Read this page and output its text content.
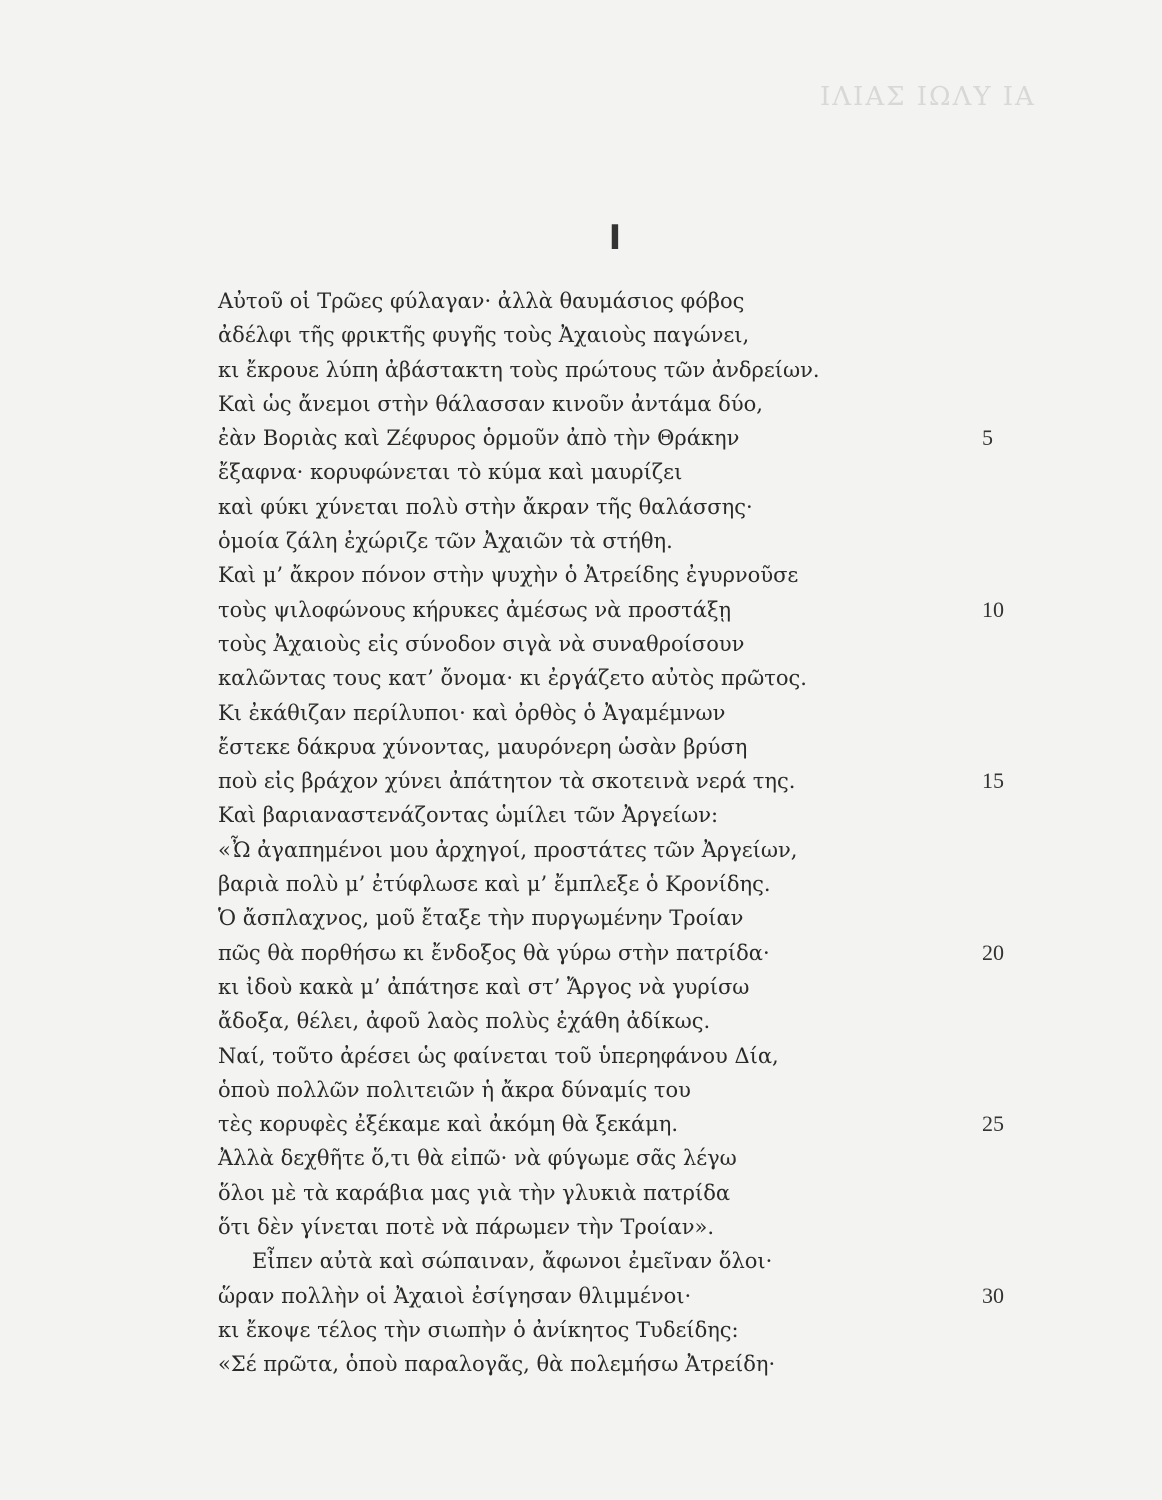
ΙΛΙΑΣ ΙΩΛΥ ΙΑ
I
Αὐτοῦ οἱ Τρῶες φύλαγαν· ἀλλὰ θαυμάσιος φόβος
ἀδέλφι τῆς φρικτῆς φυγῆς τοὺς Ἀχαιοὺς παγώνει,
κι ἔκρουε λύπη ἀβάστακτη τοὺς πρώτους τῶν ἀνδρείων.
Καὶ ὡς ἄνεμοι στὴν θάλασσαν κινοῦν ἀντάμα δύο,
ἐὰν Βοριὰς καὶ Ζέφυρος ὁρμοῦν ἀπὸ τὴν Θράκην	5
ἔξαφνα· κορυφώνεται τὸ κύμα καὶ μαυρίζει
καὶ φύκι χύνεται πολὺ στὴν ἄκραν τῆς θαλάσσης·
ὁμοία ζάλη ἐχώριζε τῶν Ἀχαιῶν τὰ στήθη.
Καὶ μ’ ἄκρον πόνον στὴν ψυχὴν ὁ Ἀτρείδης ἐγυρνοῦσε
τοὺς ψιλοφώνους κήρυκες ἀμέσως νὰ προστάξῃ	10
τοὺς Ἀχαιοὺς εἰς σύνοδον σιγὰ νὰ συναθροίσουν
καλῶντας τους κατ’ ὄνομα· κι ἐργάζετο αὐτὸς πρῶτος.
Κι ἐκάθιζαν περίλυποι· καὶ ὀρθὸς ὁ Ἀγαμέμνων
ἔστεκε δάκρυα χύνοντας, μαυρόνερη ὡσὰν βρύση
ποὺ εἰς βράχον χύνει ἀπάτητον τὰ σκοτεινὰ νερά της.	15
Καὶ βαριαναστενάζοντας ὡμίλει τῶν Ἀργείων:
«Ὦ ἀγαπημένοι μου ἀρχηγοί, προστάτες τῶν Ἀργείων,
βαριὰ πολὺ μ’ ἐτύφλωσε καὶ μ’ ἔμπλεξε ὁ Κρονίδης.
Ὁ ἄσπλαχνος, μοῦ ἔταξε τὴν πυργωμένην Τροίαν
πῶς θὰ πορθήσω κι ἔνδοξος θὰ γύρω στὴν πατρίδα·	20
κι ἰδοὺ κακὰ μ’ ἀπάτησε καὶ στ’ Ἄργος νὰ γυρίσω
ἄδοξα, θέλει, ἀφοῦ λαὸς πολὺς ἐχάθη ἀδίκως.
Ναί, τοῦτο ἀρέσει ὡς φαίνεται τοῦ ὑπερηφάνου Δία,
ὁποὺ πολλῶν πολιτειῶν ἡ ἄκρα δύναμίς του
τὲς κορυφὲς ἐξέκαμε καὶ ἀκόμη θὰ ξεκάμη.	25
Ἀλλὰ δεχθῆτε ὅ,τι θὰ εἰπῶ· νὰ φύγωμε σᾶς λέγω
ὅλοι μὲ τὰ καράβια μας γιὰ τὴν γλυκιὰ πατρίδα
ὅτι δὲν γίνεται ποτὲ νὰ πάρωμεν τὴν Τροίαν».
Εἶπεν αὐτὰ καὶ σώπαιναν, ἄφωνοι ἐμεῖναν ὅλοι·
ὥραν πολλὴν οἱ Ἀχαιοὶ ἐσίγησαν θλιμμένοι·	30
κι ἔκοψε τέλος τὴν σιωπὴν ὁ ἀνίκητος Τυδείδης:
«Σέ πρῶτα, ὁποὺ παραλογᾶς, θὰ πολεμήσω Ἀτρείδη·
